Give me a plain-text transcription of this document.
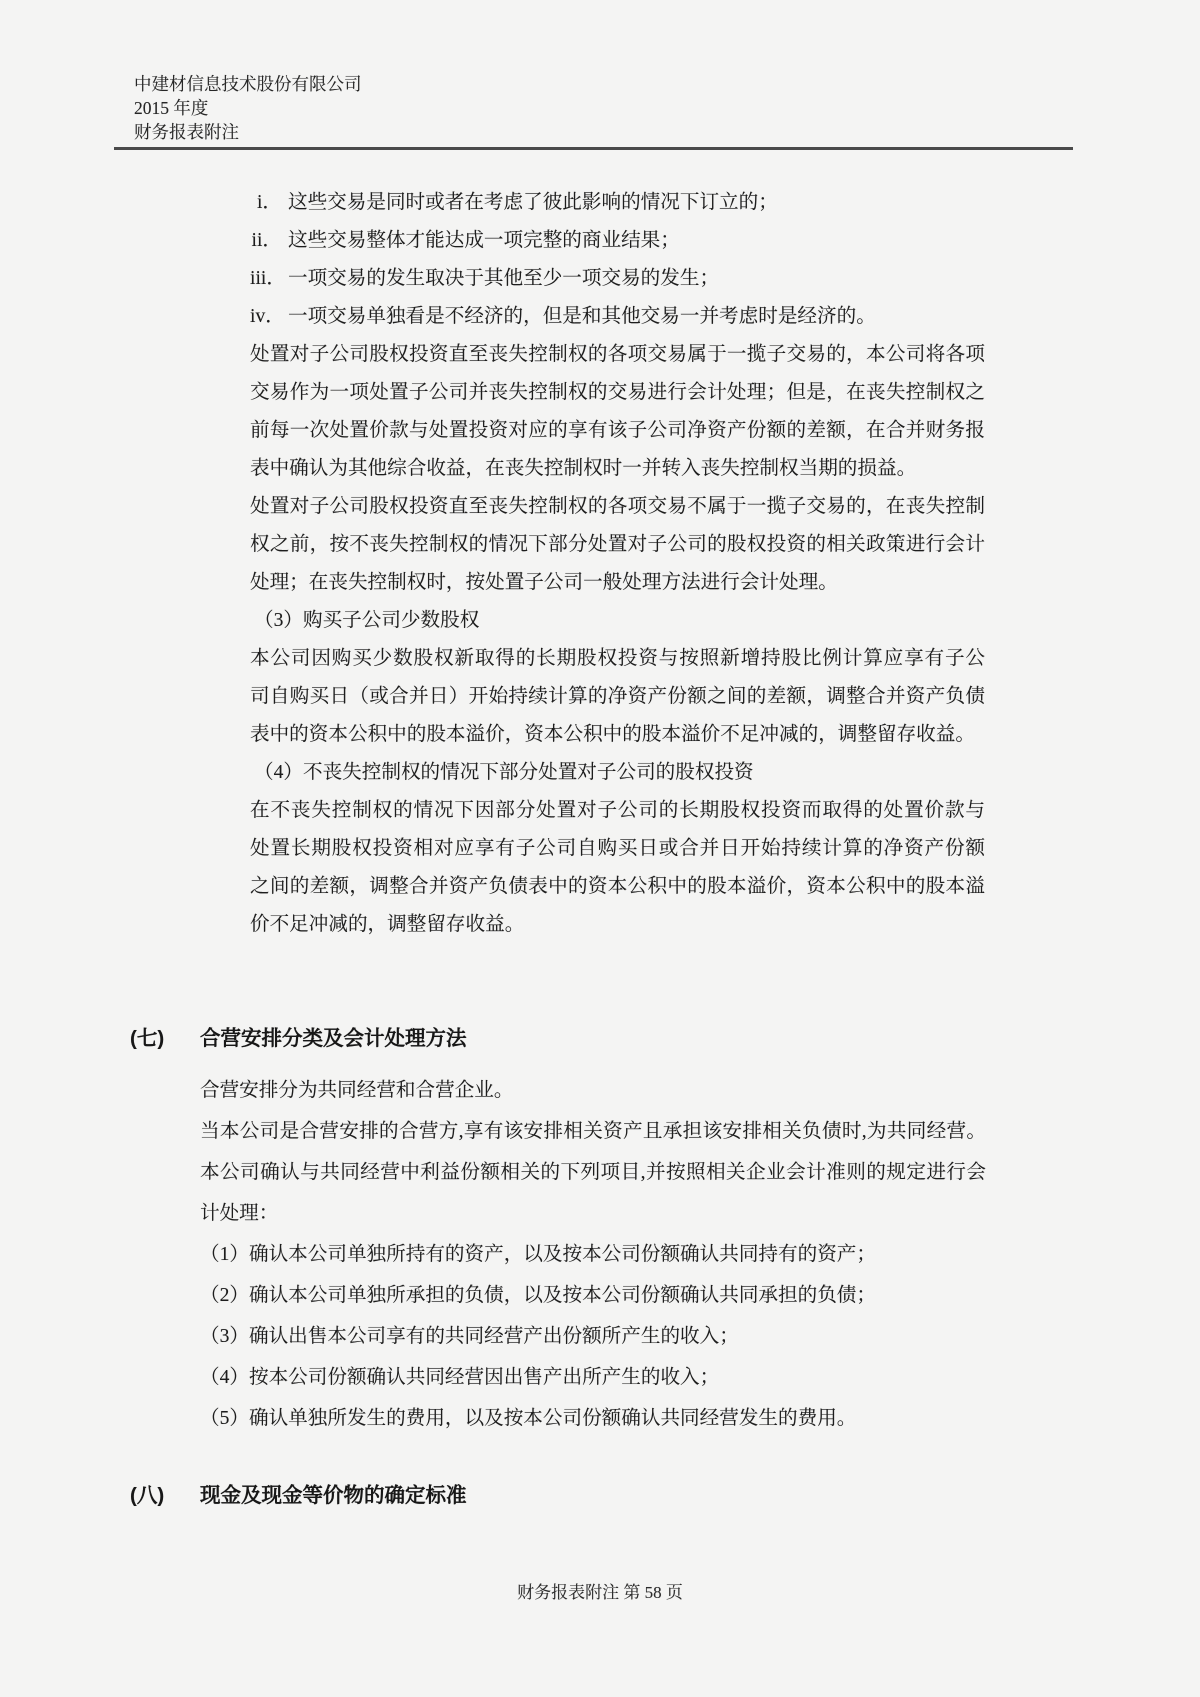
中建材信息技术股份有限公司
2015 年度
财务报表附注
i． 这些交易是同时或者在考虑了彼此影响的情况下订立的；
ii． 这些交易整体才能达成一项完整的商业结果；
iii． 一项交易的发生取决于其他至少一项交易的发生；
iv． 一项交易单独看是不经济的，但是和其他交易一并考虑时是经济的。
处置对子公司股权投资直至丧失控制权的各项交易属于一揽子交易的，本公司将各项
交易作为一项处置子公司并丧失控制权的交易进行会计处理；但是，在丧失控制权之
前每一次处置价款与处置投资对应的享有该子公司净资产份额的差额，在合并财务报
表中确认为其他综合收益，在丧失控制权时一并转入丧失控制权当期的损益。
处置对子公司股权投资直至丧失控制权的各项交易不属于一揽子交易的，在丧失控制
权之前，按不丧失控制权的情况下部分处置对子公司的股权投资的相关政策进行会计
处理；在丧失控制权时，按处置子公司一般处理方法进行会计处理。
（3）购买子公司少数股权
本公司因购买少数股权新取得的长期股权投资与按照新增持股比例计算应享有子公
司自购买日（或合并日）开始持续计算的净资产份额之间的差额，调整合并资产负债
表中的资本公积中的股本溢价，资本公积中的股本溢价不足冲减的，调整留存收益。
（4）不丧失控制权的情况下部分处置对子公司的股权投资
在不丧失控制权的情况下因部分处置对子公司的长期股权投资而取得的处置价款与
处置长期股权投资相对应享有子公司自购买日或合并日开始持续计算的净资产份额
之间的差额，调整合并资产负债表中的资本公积中的股本溢价，资本公积中的股本溢
价不足冲减的，调整留存收益。
(七)	合营安排分类及会计处理方法
合营安排分为共同经营和合营企业。
当本公司是合营安排的合营方,享有该安排相关资产且承担该安排相关负债时,为共同经营。
本公司确认与共同经营中利益份额相关的下列项目,并按照相关企业会计准则的规定进行会
计处理：
（1）确认本公司单独所持有的资产，以及按本公司份额确认共同持有的资产；
（2）确认本公司单独所承担的负债，以及按本公司份额确认共同承担的负债；
（3）确认出售本公司享有的共同经营产出份额所产生的收入；
（4）按本公司份额确认共同经营因出售产出所产生的收入；
（5）确认单独所发生的费用，以及按本公司份额确认共同经营发生的费用。
(八)	现金及现金等价物的确定标准
财务报表附注 第 58 页
